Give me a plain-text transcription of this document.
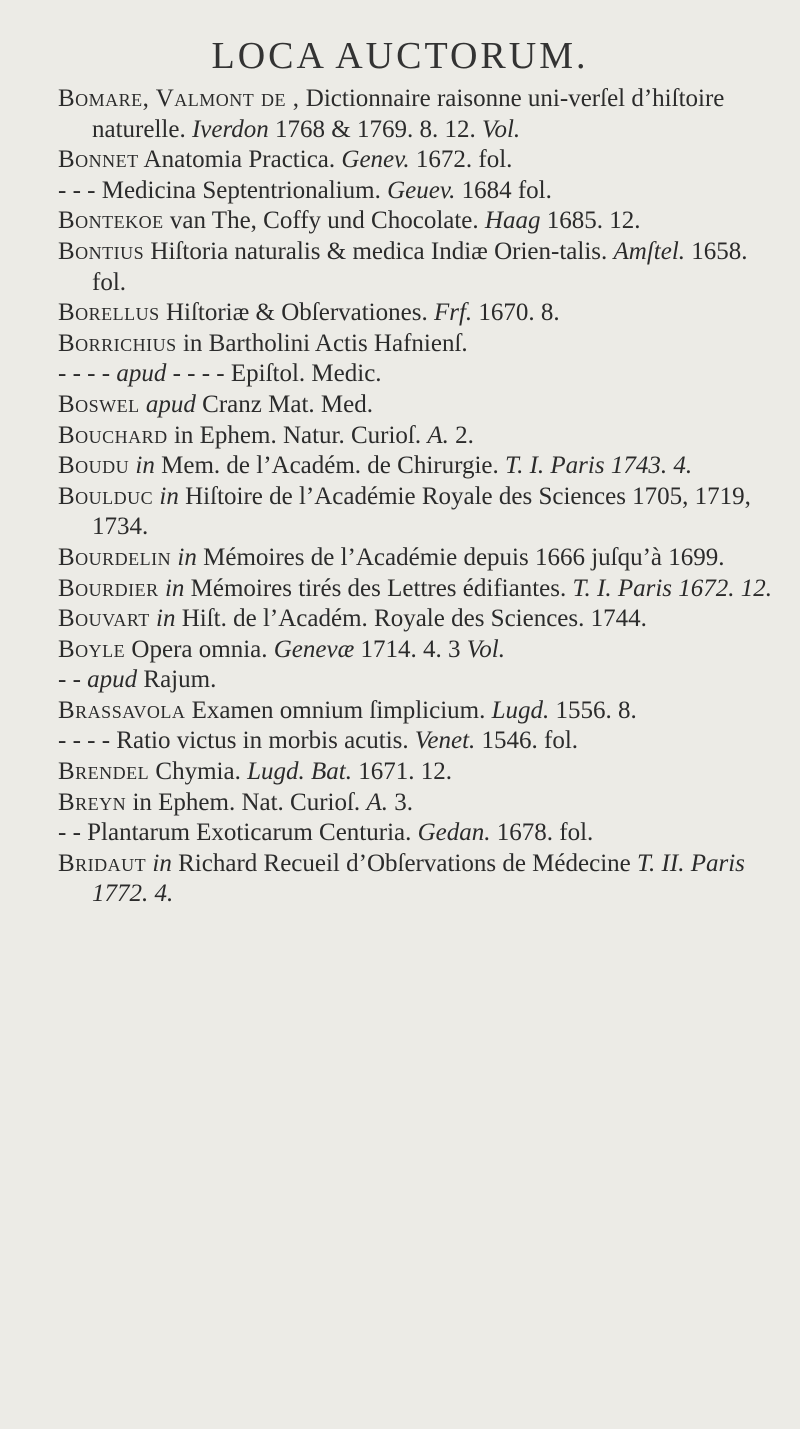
LOCA AUCTORUM.
Bomare, Valmont de , Dictionnaire raisonne uni-verſel d’hiſtoire naturelle. Iverdon 1768 & 1769. 8. 12. Vol.
Bonnet Anatomia Practica. Genev. 1672. fol.
- - - Medicina Septentrionalium. Geuev. 1684 fol.
Bontekoe van The, Coffy und Chocolate. Haag 1685. 12.
Bontius Hiſtoria naturalis & medica Indiæ Orien-talis. Amſtel. 1658. fol.
Borellus Hiſtoriæ & Obſervationes. Frf. 1670. 8.
Borrichius in Bartholini Actis Hafnienſ.
- - - - apud - - - - Epiſtol. Medic.
Boswel apud Cranz Mat. Med.
Bouchard in Ephem. Natur. Curioſ. A. 2.
Boudu in Mem. de l’Académ. de Chirurgie. T. I. Paris 1743. 4.
Boulduc in Hiſtoire de l’Académie Royale des Sciences 1705, 1719, 1734.
Bourdelin in Mémoires de l’Académie depuis 1666 juſqu’à 1699.
Bourdier in Mémoires tirés des Lettres édifiantes. T. I. Paris 1672. 12.
Bouvart in Hiſt. de l’Académ. Royale des Sciences. 1744.
Boyle Opera omnia. Genevæ 1714. 4. 3 Vol.
- - apud Rajum.
Brassavola Examen omnium ſimplicium. Lugd. 1556. 8.
- - - - Ratio victus in morbis acutis. Venet. 1546. fol.
Brendel Chymia. Lugd. Bat. 1671. 12.
Breyn in Ephem. Nat. Curioſ. A. 3.
- - Plantarum Exoticarum Centuria. Gedan. 1678. fol.
Bridaut in Richard Recueil d’Obſervations de Médecine T. II. Paris 1772. 4.
